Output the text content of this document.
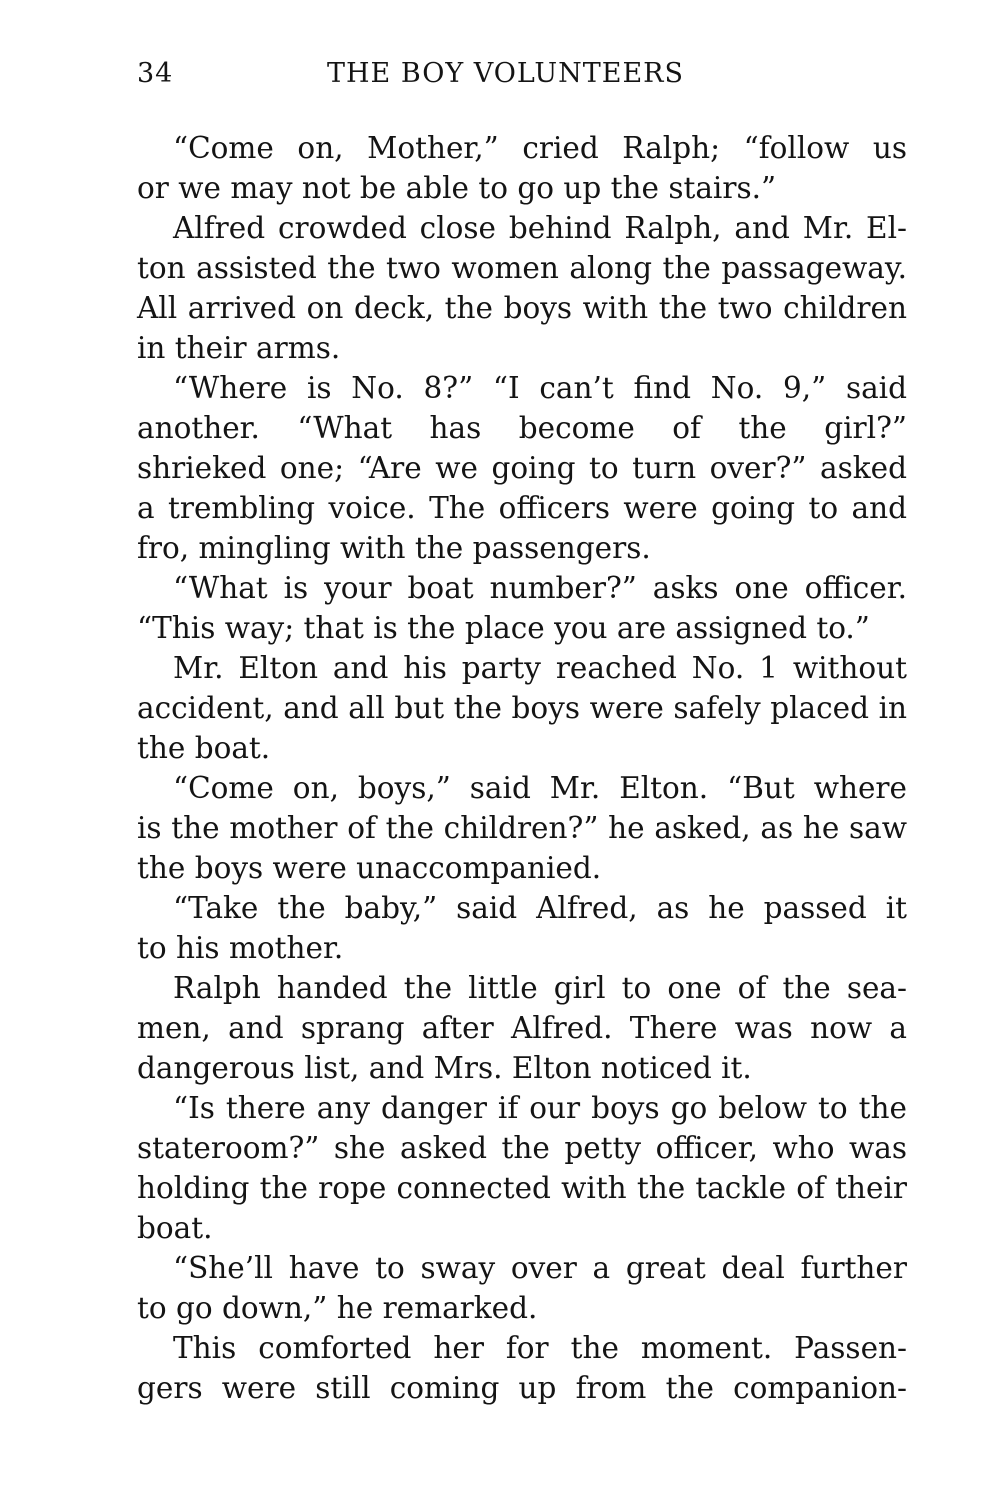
34	THE BOY VOLUNTEERS
“Come on, Mother,” cried Ralph; “follow us
or we may not be able to go up the stairs.”
Alfred crowded close behind Ralph, and Mr. El-
ton assisted the two women along the passageway.
All arrived on deck, the boys with the two children
in their arms.
“Where is No. 8?” “I can’t find No. 9,” said
another. “What has become of the girl?”
shrieked one; “Are we going to turn over?” asked
a trembling voice. The officers were going to and
fro, mingling with the passengers.
“What is your boat number?” asks one officer.
“This way; that is the place you are assigned to.”
Mr. Elton and his party reached No. 1 without
accident, and all but the boys were safely placed in
the boat.
“Come on, boys,” said Mr. Elton. “But where
is the mother of the children?” he asked, as he saw
the boys were unaccompanied.
“Take the baby,” said Alfred, as he passed it
to his mother.
Ralph handed the little girl to one of the sea-
men, and sprang after Alfred. There was now a
dangerous list, and Mrs. Elton noticed it.
“Is there any danger if our boys go below to the
stateroom?” she asked the petty officer, who was
holding the rope connected with the tackle of their
boat.
“She’ll have to sway over a great deal further
to go down,” he remarked.
This comforted her for the moment. Passen-
gers were still coming up from the companion-
